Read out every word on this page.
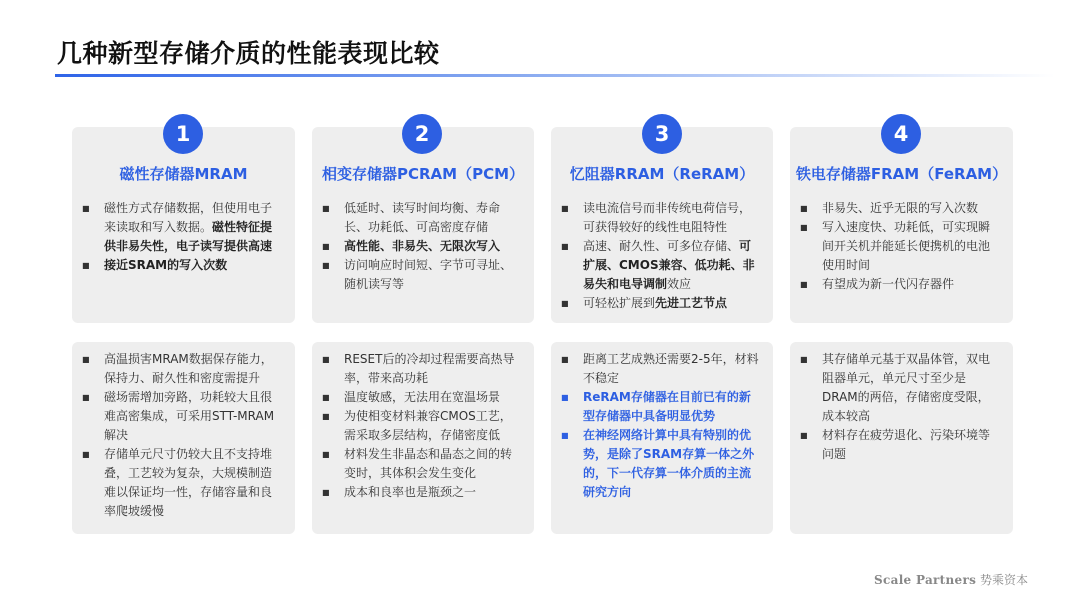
几种新型存储介质的性能表现比较
磁性存储器MRAM
■	磁性方式存储数据，但使用电子来读取和写入数据。磁性特征提供非易失性，电子读写提供高速
■	接近SRAM的写入次数
1
■	高温损害MRAM数据保存能力，保持力、耐久性和密度需提升
■	磁场需增加旁路，功耗较大且很难高密集成，可采用STT-MRAM解决
■	存储单元尺寸仍较大且不支持堆叠，工艺较为复杂，大规模制造难以保证均一性，存储容量和良率爬坡缓慢
相变存储器PCRAM（PCM）
■	低延时、读写时间均衡、寿命长、功耗低、可高密度存储
■	高性能、非易失、无限次写入
■	访问响应时间短、字节可寻址、随机读写等
2
■	RESET后的冷却过程需要高热导率，带来高功耗
■	温度敏感，无法用在宽温场景
■	为使相变材料兼容CMOS工艺，需采取多层结构，存储密度低
■	材料发生非晶态和晶态之间的转变时，其体积会发生变化
■	成本和良率也是瓶颈之一
忆阻器RRAM（ReRAM）
■	读电流信号而非传统电荷信号，可获得较好的线性电阻特性
■	高速、耐久性、可多位存储、可扩展、CMOS兼容、低功耗、非易失和电导调制效应
■	可轻松扩展到先进工艺节点
3
■	距离工艺成熟还需要2-5年，材料不稳定
■	ReRAM存储器在目前已有的新型存储器中具备明显优势
■	在神经网络计算中具有特别的优势，是除了SRAM存算一体之外的，下一代存算一体介质的主流研究方向
铁电存储器FRAM（FeRAM）
■	非易失、近乎无限的写入次数
■	写入速度快、功耗低，可实现瞬间开关机并能延长便携机的电池使用时间
■	有望成为新一代闪存器件
4
■	其存储单元基于双晶体管，双电阻器单元，单元尺寸至少是DRAM的两倍，存储密度受限，成本较高
■	材料存在疲劳退化、污染环境等问题
Scale Partners 势乘资本
